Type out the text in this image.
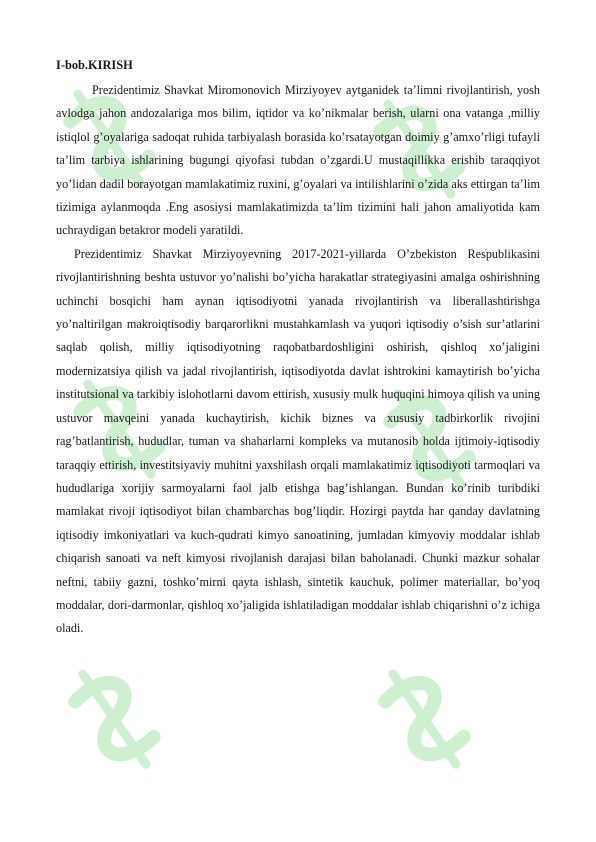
I-bob.KIRISH

Prezidentimiz Shavkat Miromonovich Mirziyoyev aytganidek ta’limni rivojlantirish, yosh avlodga jahon andozalariga mos bilim, iqtidor va ko’nikmalar berish, ularni ona vatanga ,milliy istiqlol g’oyalariga sadoqat ruhida tarbiyalash borasida ko’rsatayotgan doimiy g’amxo’rligi tufayli ta’lim tarbiya ishlarining bugungi qiyofasi tubdan o’zgardi.U mustaqillikka erishib taraqqiyot yo’lidan dadil borayotgan mamlakatimiz ruxini, g’oyalari va intilishlarini o’zida aks ettirgan ta’lim tizimiga aylanmoqda .Eng asosiysi mamlakatimizda ta’lim tizimini hali jahon amaliyotida kam uchraydigan betakror modeli yaratildi.

Prezidentimiz Shavkat Mirziyoyevning 2017-2021-yillarda O’zbekiston Respublikasini rivojlantirishning beshta ustuvor yo’nalishi bo’yicha harakatlar strategiyasini amalga oshirishning uchinchi bosqichi ham aynan iqtisodiyotni yanada rivojlantirish va liberallashtirishga yo’naltirilgan makroiqtisodiy barqarorlikni mustahkamlash va yuqori iqtisodiy o’sish sur’atlarini saqlab qolish, milliy iqtisodiyotning raqobatbardoshligini oshirish, qishloq xo’jaligini modernizatsiya qilish va jadal rivojlantirish, iqtisodiyotda davlat ishtrokini kamaytirish bo’yicha institutsional va tarkibiy islohotlarni davom ettirish, xususiy mulk huquqini himoya qilish va uning ustuvor mavqeini yanada kuchaytirish, kichik biznes va xususiy tadbirkorlik rivojini rag’batlantirish, hududlar, tuman va shaharlarni kompleks va mutanosib holda ijtimoiy-iqtisodiy taraqqiy ettirish, investitsiyaviy muhitni yaxshilash orqali mamlakatimiz iqtisodiyoti tarmoqlari va hududlariga xorijiy sarmoyalarni faol jalb etishga bag’ishlangan. Bundan ko’rinib turibdiki mamlakat rivoji iqtisodiyot bilan chambarchas bog’liqdir. Hozirgi paytda har qanday davlatning iqtisodiy imkoniyatlari va kuch-qudrati kimyo sanoatining, jumladan kimyoviy moddalar ishlab chiqarish sanoati va neft kimyosi rivojlanish darajasi bilan baholanadi. Chunki mazkur sohalar neftni, tabiiy gazni, toshko’mirni qayta ishlash, sintetik kauchuk, polimer materiallar, bo’yoq moddalar, dori-darmonlar, qishloq xo’jaligida ishlatiladigan moddalar ishlab chiqarishni o’z ichiga oladi.
